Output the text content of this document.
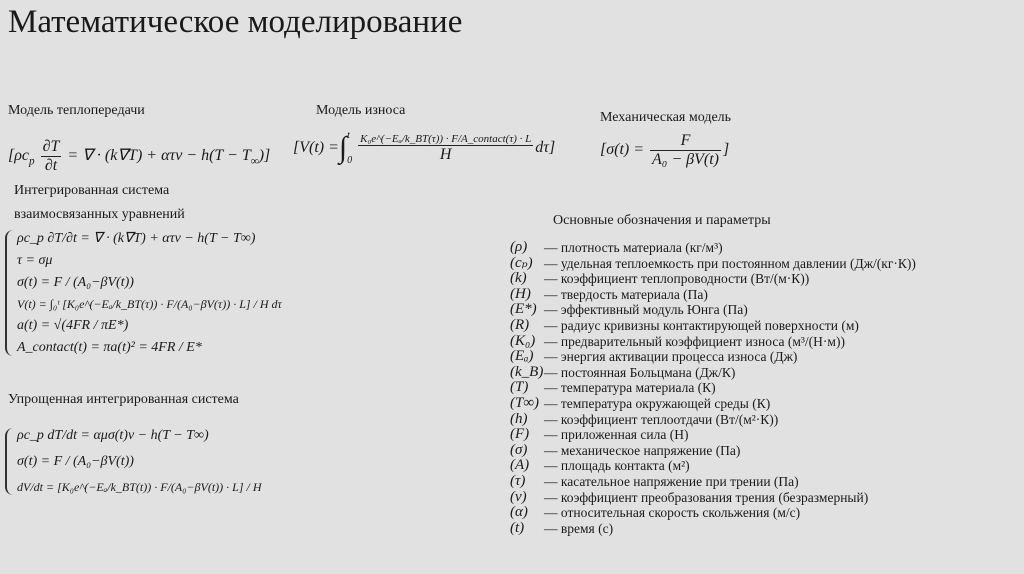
Математическое моделирование
Модель теплопередачи
[$\rho c_p \frac{\partial T}{\partial t}$ = ∇ · $(k\nabla T) + \alpha\tau v - h(T - T_\infty)$]
Модель износа
[V(t) = ∫ t
$0 \frac{\text{K₀e\textasciicircum{}(−Eₐ/k\_BT(τ)) · F/A\_contact(τ) · L}}{H} d\tau$]
Механическая модель
[$\sigma(t) = \frac{F}{\text{A₀ − βV(t)}}$ ]
Интегрированная система
взаимосвязанных уравнений
ρc_p ∂T/∂t = ∇ · (k∇T) + ατv − h(T − T∞)
τ = σμ
σ(t) = F / (A₀−βV(t))
V(t) = ∫₀ᵗ [K₀e^(−Eₐ/k_BT(τ)) · F/(A₀−βV(τ)) · L] / H dτ
a(t) = √(4FR / πE*)
A_contact(t) = πa(t)² = 4FR / E*
Упрощенная интегрированная система
ρc_p dT/dt = αμσ(t)v − h(T − T∞)
σ(t) = F / (A₀−βV(t))
dV/dt = [K₀e^(−Eₐ/k_BT(t)) · F/(A₀−βV(t)) · L] / H
Основные обозначения и параметры
(ρ)	— плотность материала (кг/м³)
(cₚ) — удельная теплоемкость при постоянном давлении (Дж/(кг·К))
(k)	— коэффициент теплопроводности (Вт/(м·К))
(H) — твердость материала (Па)
(E*) — эффективный модуль Юнга (Па)
(R)	— радиус кривизны контактирующей поверхности (м)
(K₀) — предварительный коэффициент износа (м³/(Н·м))
(Eₐ) — энергия активации процесса износа (Дж)
(k_B) — постоянная Больцмана (Дж/К)
(T)	— температура материала (К)
(T∞) — температура окружающей среды (К)
(h)	— коэффициент теплоотдачи (Вт/(м²·К))
(F)	— приложенная сила (Н)
(σ)	— механическое напряжение (Па)
(A)	— площадь контакта (м²)
(τ)	— касательное напряжение при трении (Па)
(v)	— коэффициент преобразования трения (безразмерный)
(α)	— относительная скорость скольжения (м/с)
(t)	— время (с)
